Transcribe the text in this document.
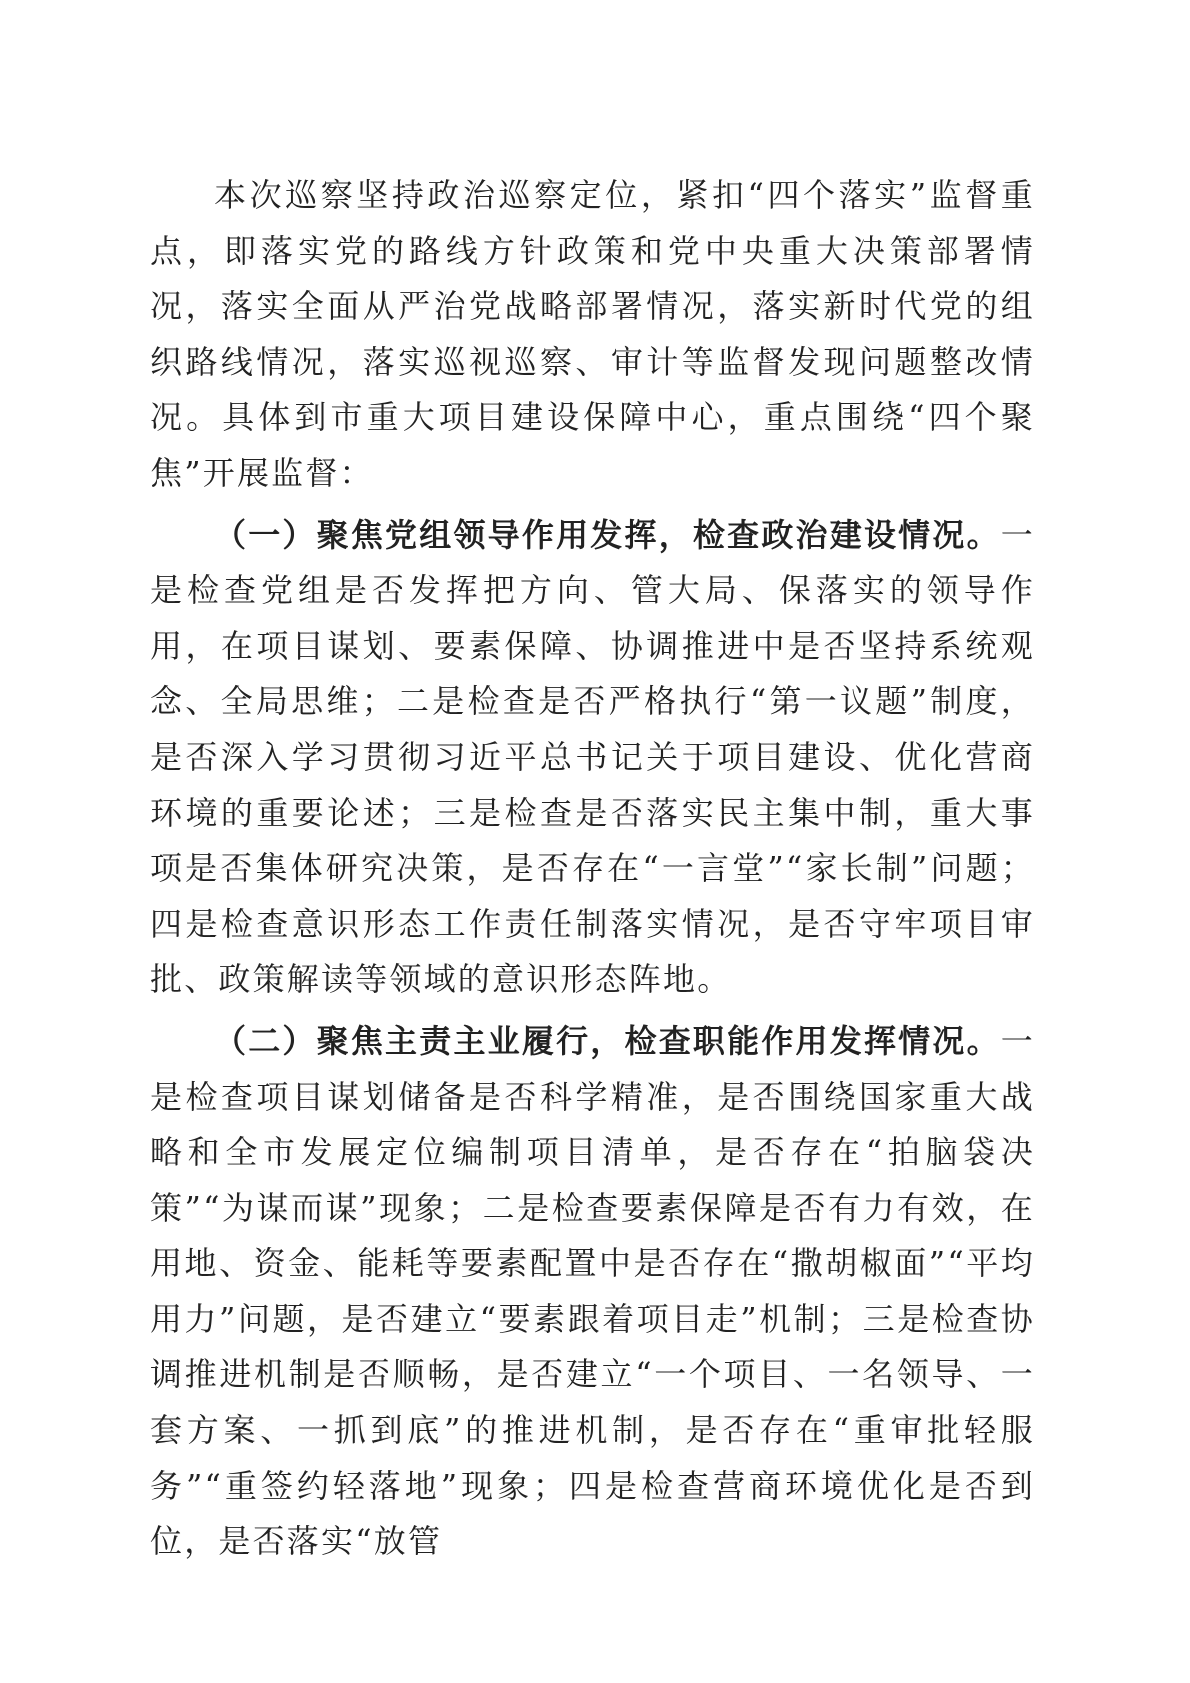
本次巡察坚持政治巡察定位，紧扣“四个落实”监督重点，即落实党的路线方针政策和党中央重大决策部署情况，落实全面从严治党战略部署情况，落实新时代党的组织路线情况，落实巡视巡察、审计等监督发现问题整改情况。具体到市重大项目建设保障中心，重点围绕“四个聚焦”开展监督：

（一）聚焦党组领导作用发挥，检查政治建设情况。一是检查党组是否发挥把方向、管大局、保落实的领导作用，在项目谋划、要素保障、协调推进中是否坚持系统观念、全局思维；二是检查是否严格执行“第一议题”制度，是否深入学习贯彻习近平总书记关于项目建设、优化营商环境的重要论述；三是检查是否落实民主集中制，重大事项是否集体研究决策，是否存在“一言堂”“家长制”问题；四是检查意识形态工作责任制落实情况，是否守牢项目审批、政策解读等领域的意识形态阵地。

（二）聚焦主责主业履行，检查职能作用发挥情况。一是检查项目谋划储备是否科学精准，是否围绕国家重大战略和全市发展定位编制项目清单，是否存在“拍脑袋决策”“为谋而谋”现象；二是检查要素保障是否有力有效，在用地、资金、能耗等要素配置中是否存在“撒胡椒面”“平均用力”问题，是否建立“要素跟着项目走”机制；三是检查协调推进机制是否顺畅，是否建立“一个项目、一名领导、一套方案、一抓到底”的推进机制，是否存在“重审批轻服务”“重签约轻落地”现象；四是检查营商环境优化是否到位，是否落实“放管
